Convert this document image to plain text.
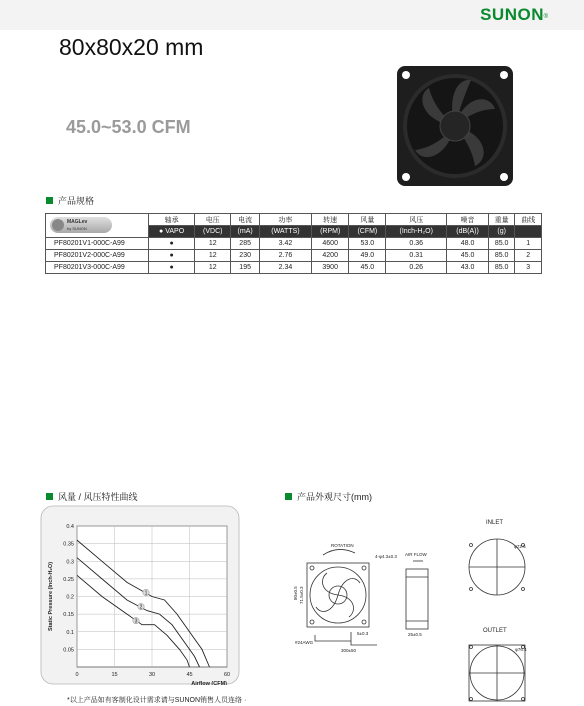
SUNON ®
80x80x20 mm
45.0~53.0 CFM
产品规格
MAGLev
by SUNON	轴承	电压	电流	功率	转速	风量	风压	噪音	重量	曲线
	● VAPO	(VDC)	(mA)	(WATTS)	(RPM)	(CFM)	(Inch-H₂O)	(dB(A))	(g)	
PF80201V1-000C-A99	●	12	285	3.42	4600	53.0	0.36	48.0	85.0	1
PF80201V2-000C-A99	●	12	230	2.76	4200	49.0	0.31	45.0	85.0	2
PF80201V3-000C-A99	●	12	195	2.34	3900	45.0	0.26	43.0	85.0	3
风量 / 风压特性曲线	产品外观尺寸(mm)
0.05
0.1
0.15
0.2
0.25
0.3
0.35
0.4
0	15	30	45	60
Static Pressure (Inch-H₂O)
Airflow (CFM)
1
2
3
ROTATION
4-φ4.3±0.3
80±0.5 71.5±0.3
5±0.3
#24AWG
300±50
AIR FLOW
25±0.5
INLET
φ72.5
OUTLET
φ76.4
*以上产品如有客制化设计需求请与SUNON销售人员连络 ·
